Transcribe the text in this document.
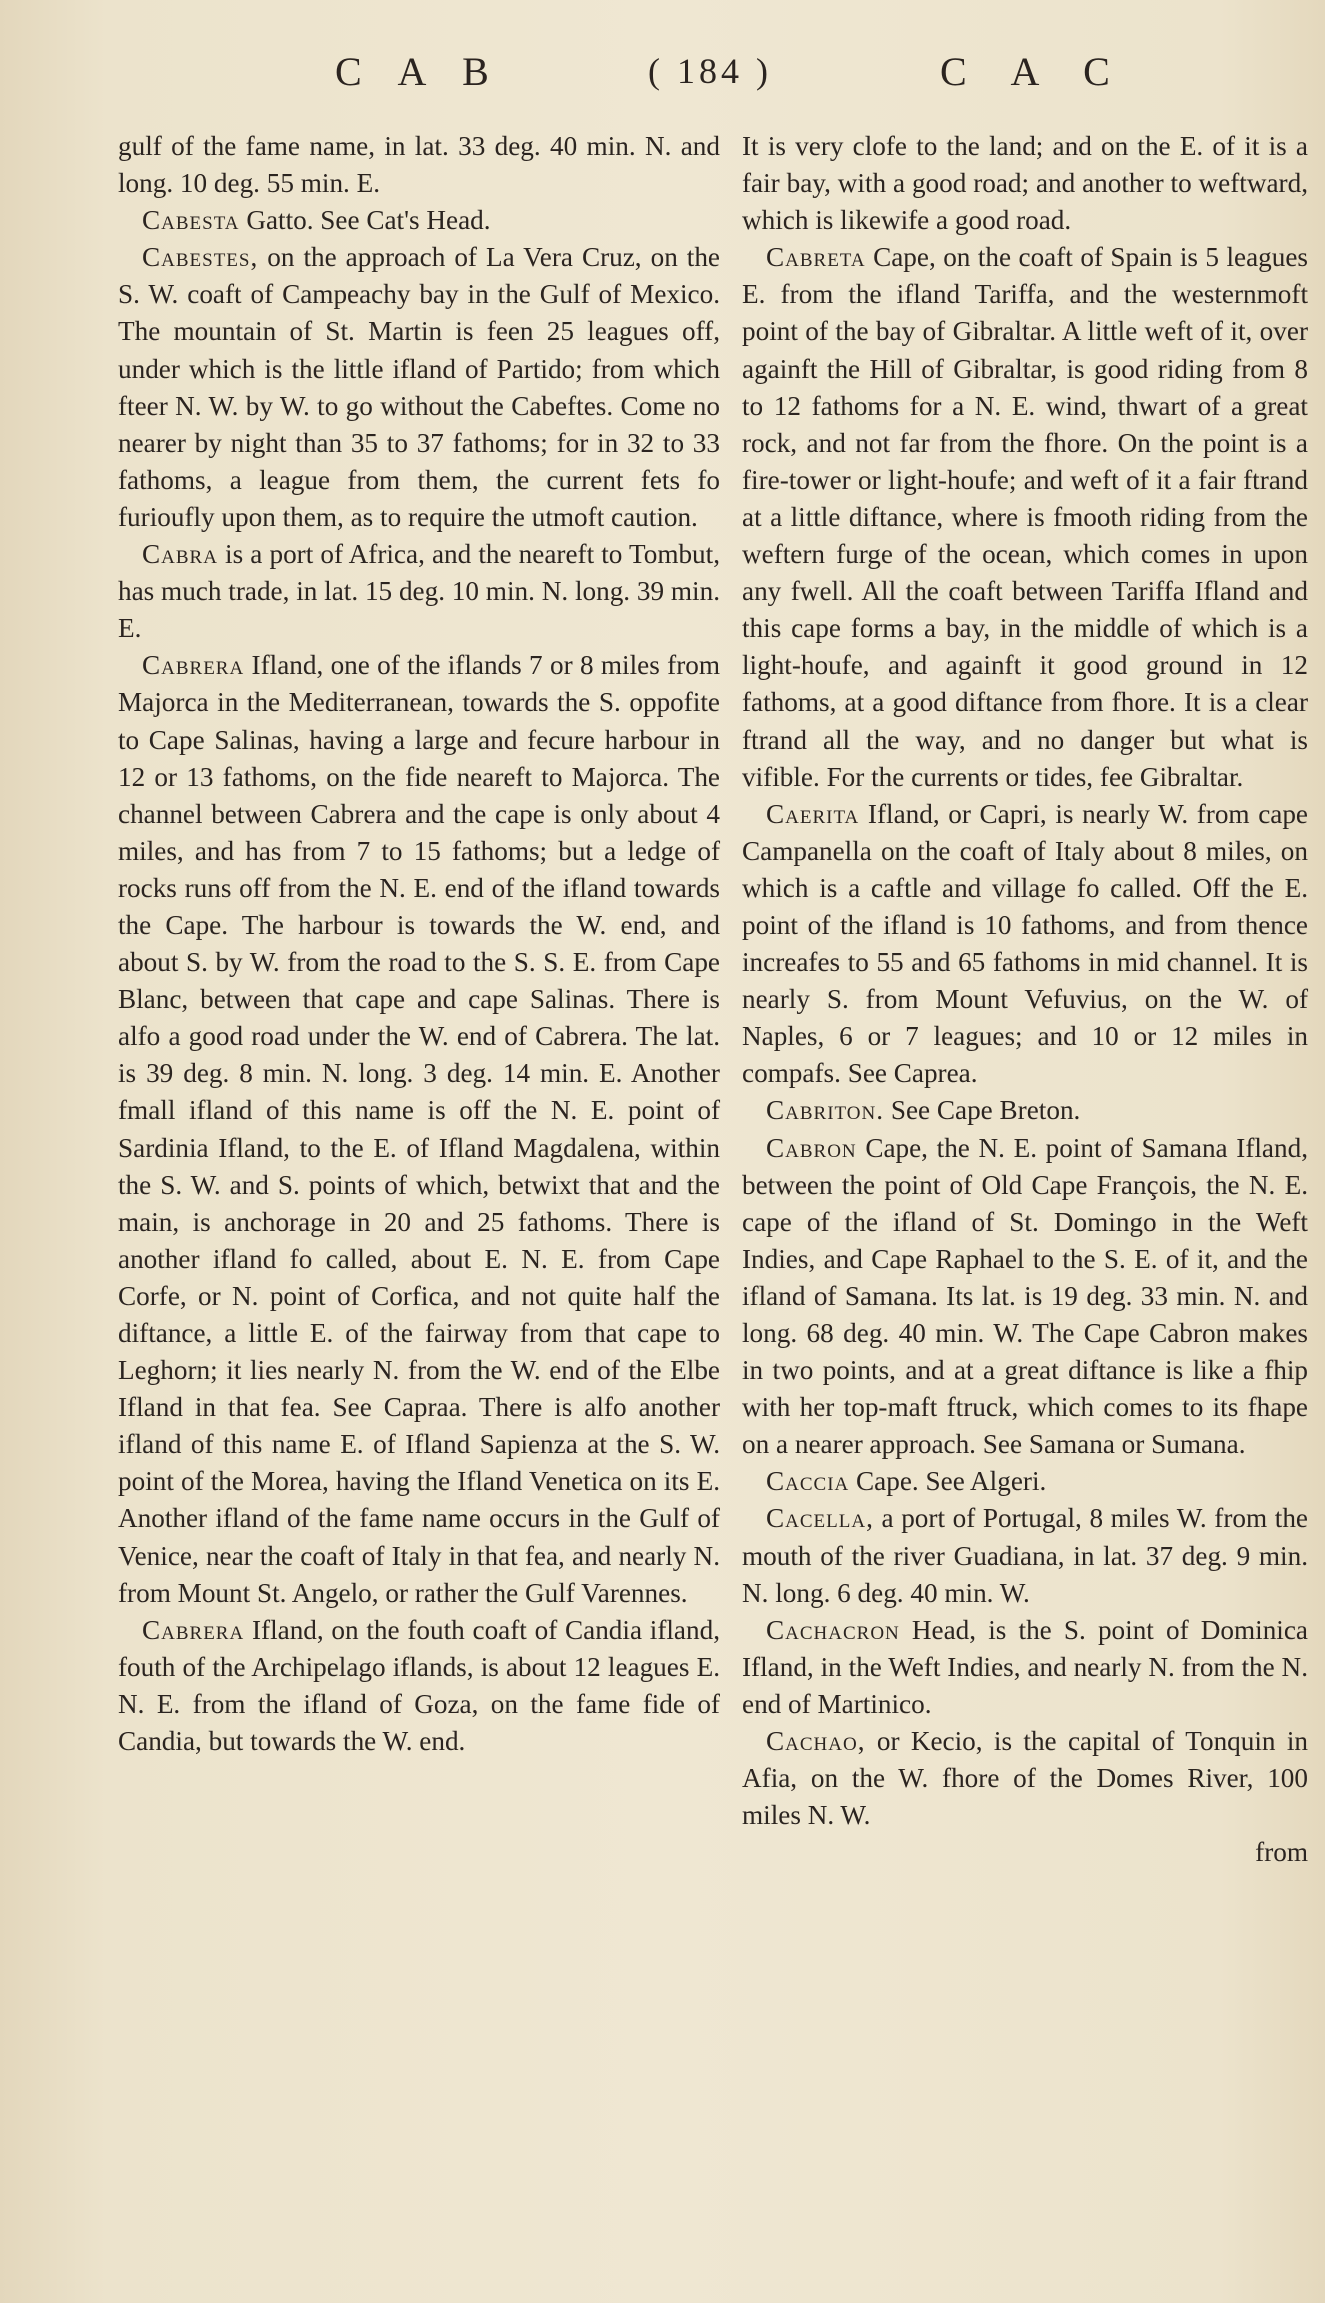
C A B	( 184 )	C A C

gulf of the fame name, in lat. 33 deg. 40 min. N. and long. 10 deg. 55 min. E.

Cabesta Gatto. See Cat's Head.

Cabestes, on the approach of La Vera Cruz, on the S. W. coaft of Campeachy bay in the Gulf of Mexico. The mountain of St. Martin is feen 25 leagues off, under which is the little ifland of Partido; from which fteer N. W. by W. to go without the Cabeftes. Come no nearer by night than 35 to 37 fathoms; for in 32 to 33 fathoms, a league from them, the current fets fo furioufly upon them, as to require the utmoft caution.

Cabra is a port of Africa, and the neareft to Tombut, has much trade, in lat. 15 deg. 10 min. N. long. 39 min. E.

Cabrera Ifland, one of the iflands 7 or 8 miles from Majorca in the Mediterranean, towards the S. oppofite to Cape Salinas, having a large and fecure harbour in 12 or 13 fathoms, on the fide neareft to Majorca. The channel between Cabrera and the cape is only about 4 miles, and has from 7 to 15 fathoms; but a ledge of rocks runs off from the N. E. end of the ifland towards the Cape. The harbour is towards the W. end, and about S. by W. from the road to the S. S. E. from Cape Blanc, between that cape and cape Salinas. There is alfo a good road under the W. end of Cabrera. The lat. is 39 deg. 8 min. N. long. 3 deg. 14 min. E. Another fmall ifland of this name is off the N. E. point of Sardinia Ifland, to the E. of Ifland Magdalena, within the S. W. and S. points of which, betwixt that and the main, is anchorage in 20 and 25 fathoms. There is another ifland fo called, about E. N. E. from Cape Corfe, or N. point of Corfica, and not quite half the diftance, a little E. of the fairway from that cape to Leghorn; it lies nearly N. from the W. end of the Elbe Ifland in that fea. See Capraa. There is alfo another ifland of this name E. of Ifland Sapienza at the S. W. point of the Morea, having the Ifland Venetica on its E. Another ifland of the fame name occurs in the Gulf of Venice, near the coaft of Italy in that fea, and nearly N. from Mount St. Angelo, or rather the Gulf Varennes.

Cabrera Ifland, on the fouth coaft of Candia ifland, fouth of the Archipelago iflands, is about 12 leagues E. N. E. from the ifland of Goza, on the fame fide of Candia, but towards the W. end.

It is very clofe to the land; and on the E. of it is a fair bay, with a good road; and another to weftward, which is likewife a good road.

Cabreta Cape, on the coaft of Spain is 5 leagues E. from the ifland Tariffa, and the westernmoft point of the bay of Gibraltar. A little weft of it, over againft the Hill of Gibraltar, is good riding from 8 to 12 fathoms for a N. E. wind, thwart of a great rock, and not far from the fhore. On the point is a fire-tower or light-houfe; and weft of it a fair ftrand at a little diftance, where is fmooth riding from the weftern furge of the ocean, which comes in upon any fwell. All the coaft between Tariffa Ifland and this cape forms a bay, in the middle of which is a light-houfe, and againft it good ground in 12 fathoms, at a good diftance from fhore. It is a clear ftrand all the way, and no danger but what is vifible. For the currents or tides, fee Gibraltar.

Caerita Ifland, or Capri, is nearly W. from cape Campanella on the coaft of Italy about 8 miles, on which is a caftle and village fo called. Off the E. point of the ifland is 10 fathoms, and from thence increafes to 55 and 65 fathoms in mid channel. It is nearly S. from Mount Vefuvius, on the W. of Naples, 6 or 7 leagues; and 10 or 12 miles in compafs. See Caprea.

Cabriton. See Cape Breton.

Cabron Cape, the N. E. point of Samana Ifland, between the point of Old Cape François, the N. E. cape of the ifland of St. Domingo in the Weft Indies, and Cape Raphael to the S. E. of it, and the ifland of Samana. Its lat. is 19 deg. 33 min. N. and long. 68 deg. 40 min. W. The Cape Cabron makes in two points, and at a great diftance is like a fhip with her top-maft ftruck, which comes to its fhape on a nearer approach. See Samana or Sumana.

Caccia Cape. See Algeri.

Cacella, a port of Portugal, 8 miles W. from the mouth of the river Guadiana, in lat. 37 deg. 9 min. N. long. 6 deg. 40 min. W.

Cachacron Head, is the S. point of Dominica Ifland, in the Weft Indies, and nearly N. from the N. end of Martinico.

Cachao, or Kecio, is the capital of Tonquin in Afia, on the W. fhore of the Domes River, 100 miles N. W.

from
